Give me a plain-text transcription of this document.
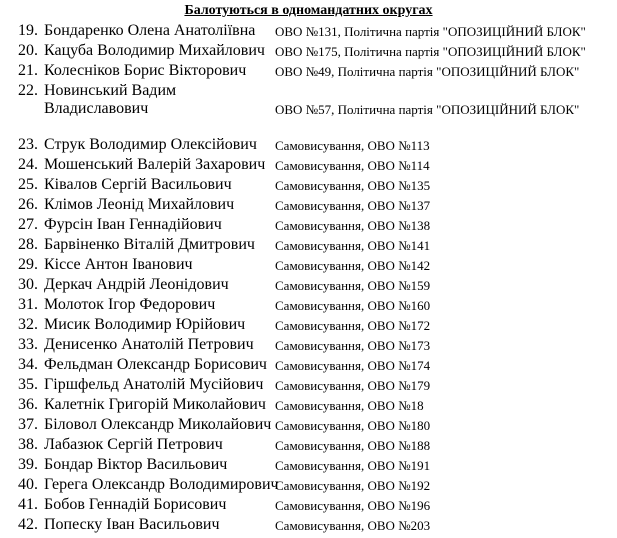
Балотуються в одномандатних округах
19. Бондаренко Олена Анатоліївна ОВО №131, Політична партія "ОПОЗИЦІЙНИЙ БЛОК"
20. Кацуба Володимир Михайлович ОВО №175, Політична партія "ОПОЗИЦІЙНИЙ БЛОК"
21. Колесніков Борис Вікторович ОВО №49, Політична партія "ОПОЗИЦІЙНИЙ БЛОК"
22. Новинський Вадим
Владиславович	ОВО №57, Політична партія "ОПОЗИЦІЙНИЙ БЛОК"
23. Струк Володимир Олексійович Самовисування, ОВО №113
24. Мошенський Валерій Захарович Самовисування, ОВО №114
25. Ківалов Сергій Васильович	Самовисування, ОВО №135
26. Клімов Леонід Михайлович	Самовисування, ОВО №137
27. Фурсін Іван Геннадійович	Самовисування, ОВО №138
28. Барвіненко Віталій Дмитрович Самовисування, ОВО №141
29. Кіссе Антон Іванович	Самовисування, ОВО №142
30. Деркач Андрій Леонідович	Самовисування, ОВО №159
31. Молоток Ігор Федорович	Самовисування, ОВО №160
32. Мисик Володимир Юрійович Самовисування, ОВО №172
33. Денисенко Анатолій Петрович Самовисування, ОВО №173
34. Фельдман Олександр Борисович Самовисування, ОВО №174
35. Гіршфельд Анатолій Мусійович Самовисування, ОВО №179
36. Калетнік Григорій Миколайович Самовисування, ОВО №18
37. Біловол Олександр Миколайович Самовисування, ОВО №180
38. Лабазюк Сергій Петрович	Самовисування, ОВО №188
39. Бондар Віктор Васильович	Самовисування, ОВО №191
40. Герега Олександр Володимирович
Самовисування, ОВО №192
41. Бобов Геннадій Борисович	Самовисування, ОВО №196
42. Попеску Іван Васильович	Самовисування, ОВО №203
